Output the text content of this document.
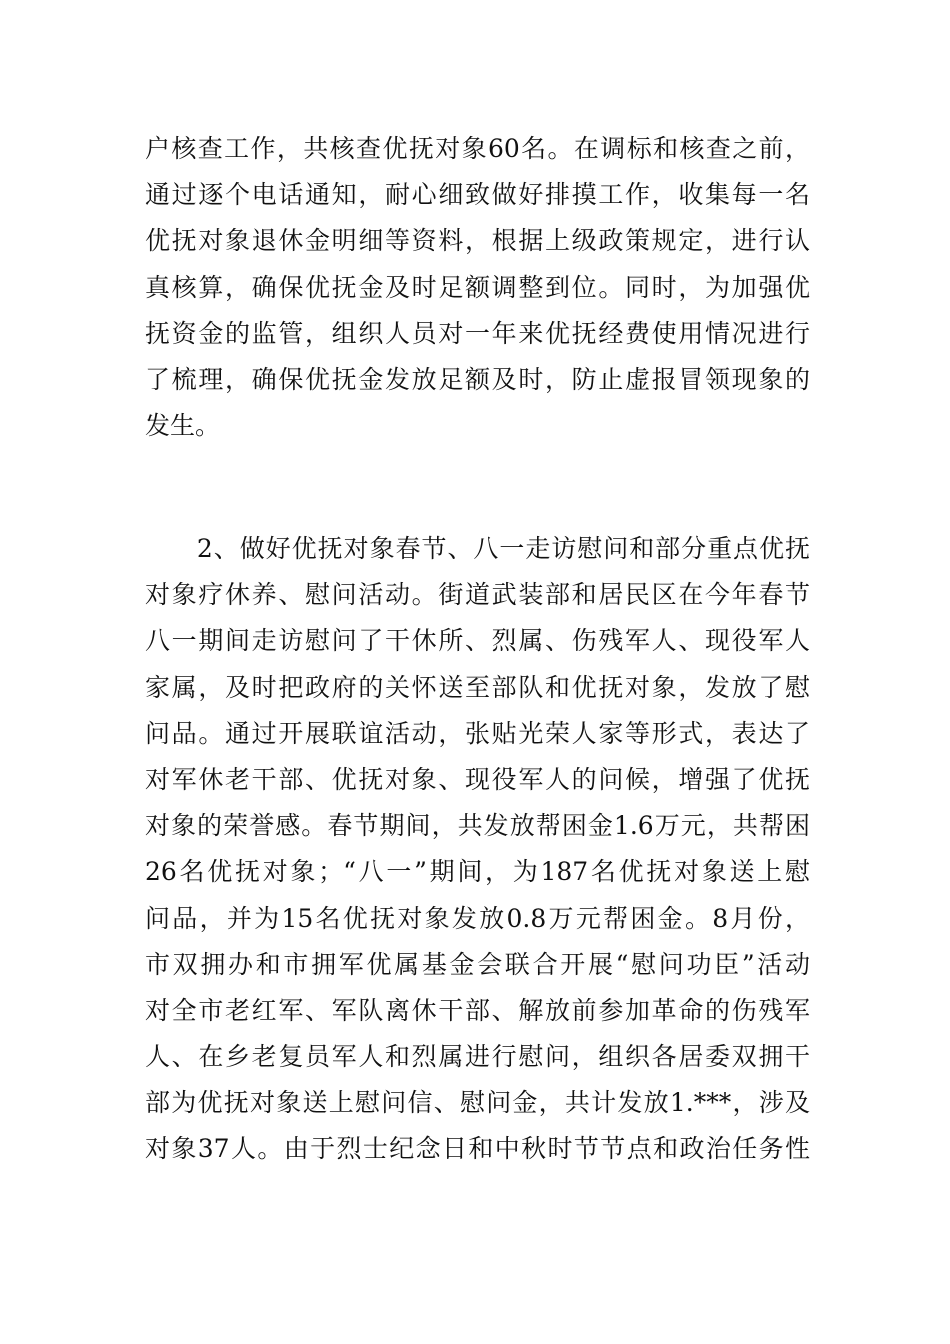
户核查工作，共核查优抚对象60名。在调标和核查之前，
通过逐个电话通知，耐心细致做好排摸工作，收集每一名
优抚对象退休金明细等资料，根据上级政策规定，进行认
真核算，确保优抚金及时足额调整到位。同时，为加强优
抚资金的监管，组织人员对一年来优抚经费使用情况进行
了梳理，确保优抚金发放足额及时，防止虚报冒领现象的
发生。
　　2、做好优抚对象春节、八一走访慰问和部分重点优抚
对象疗休养、慰问活动。街道武装部和居民区在今年春节
八一期间走访慰问了干休所、烈属、伤残军人、现役军人
家属，及时把政府的关怀送至部队和优抚对象，发放了慰
问品。通过开展联谊活动，张贴光荣人家等形式，表达了
对军休老干部、优抚对象、现役军人的问候，增强了优抚
对象的荣誉感。春节期间，共发放帮困金1.6万元，共帮困
26名优抚对象；“八一”期间，为187名优抚对象送上慰
问品，并为15名优抚对象发放0.8万元帮困金。8月份，
市双拥办和市拥军优属基金会联合开展“慰问功臣”活动
对全市老红军、军队离休干部、解放前参加革命的伤残军
人、在乡老复员军人和烈属进行慰问，组织各居委双拥干
部为优抚对象送上慰问信、慰问金，共计发放1.***，涉及
对象37人。由于烈士纪念日和中秋时节节点和政治任务性
